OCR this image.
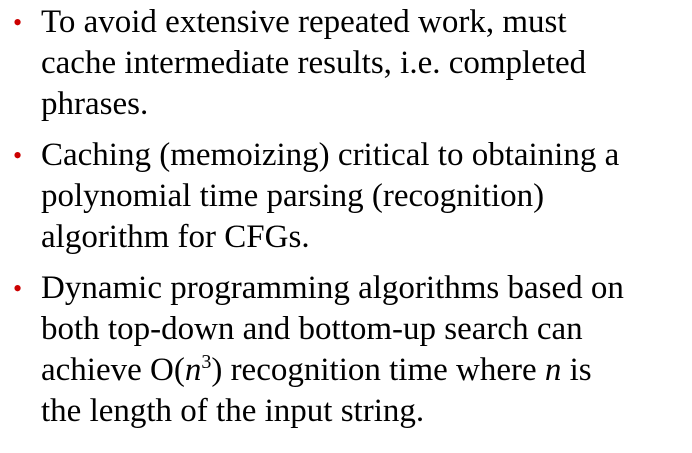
• To avoid extensive repeated work, must
cache intermediate results, i.e. completed
phrases.
• Caching (memoizing) critical to obtaining a
polynomial time parsing (recognition)
algorithm for CFGs.
• Dynamic programming algorithms based on
both top-down and bottom-up search can
achieve $O(n^3)$ recognition time where n is
the length of the input string.
